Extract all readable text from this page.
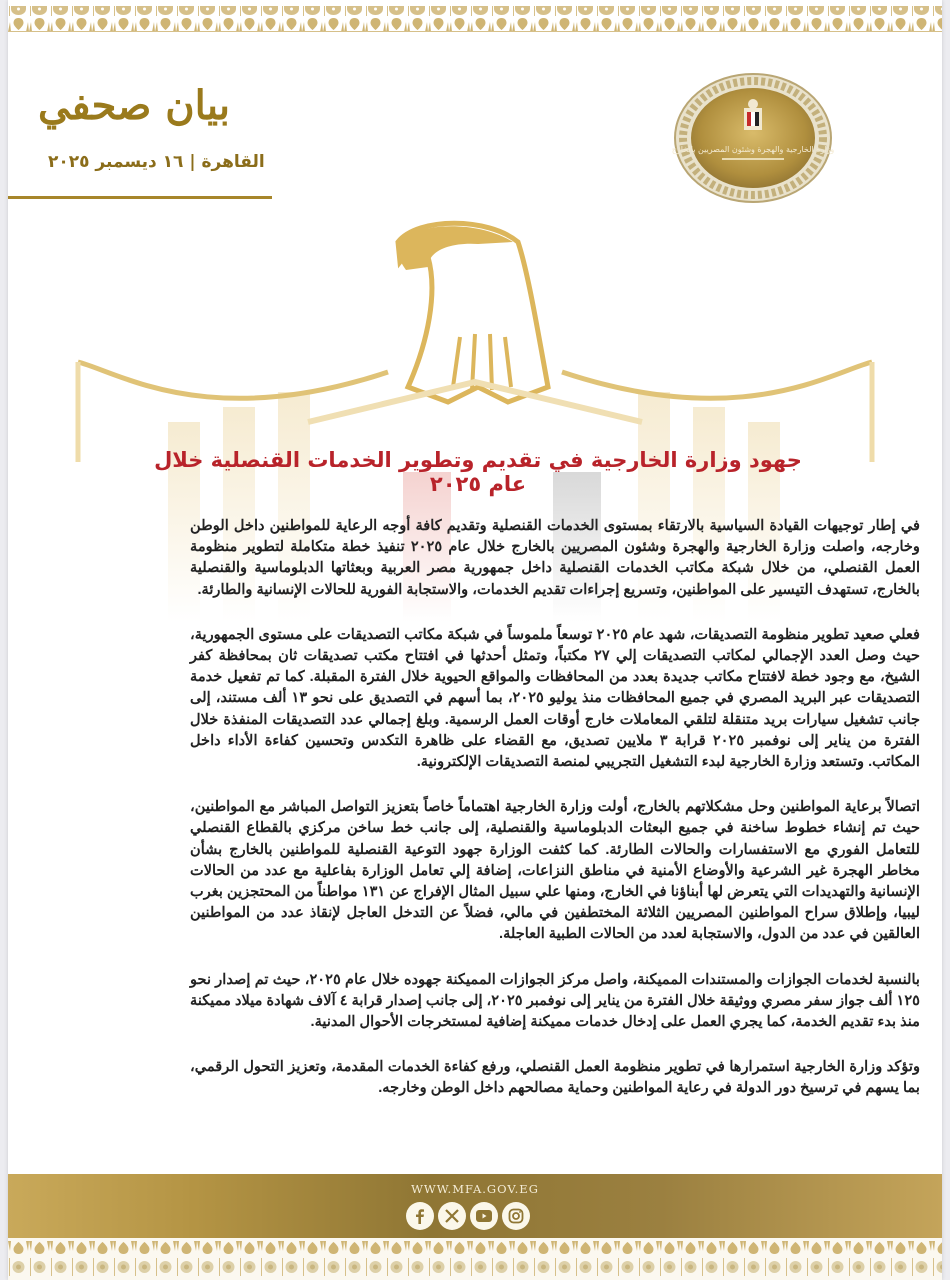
بيان صحفي
القاهرة | ١٦ ديسمبر ٢٠٢٥
وزارة الخارجية والهجرة وشئون المصريين بالخارج
جهود وزارة الخارجية في تقديم وتطوير الخدمات القنصلية خلال عام ٢٠٢٥

في إطار توجيهات القيادة السياسية بالارتقاء بمستوى الخدمات القنصلية وتقديم كافة أوجه الرعاية للمواطنين داخل الوطن وخارجه، واصلت وزارة الخارجية والهجرة وشئون المصريين بالخارج خلال عام ٢٠٢٥ تنفيذ خطة متكاملة لتطوير منظومة العمل القنصلي، من خلال شبكة مكاتب الخدمات القنصلية داخل جمهورية مصر العربية وبعثاتها الدبلوماسية والقنصلية بالخارج، تستهدف التيسير على المواطنين، وتسريع إجراءات تقديم الخدمات، والاستجابة الفورية للحالات الإنسانية والطارئة.

فعلي صعيد تطوير منظومة التصديقات، شهد عام ٢٠٢٥ توسعاً ملموساً في شبكة مكاتب التصديقات على مستوى الجمهورية، حيث وصل العدد الإجمالي لمكاتب التصديقات إلي ٢٧ مكتباً، وتمثل أحدثها في افتتاح مكتب تصديقات ثان بمحافظة كفر الشيخ، مع وجود خطة لافتتاح مكاتب جديدة بعدد من المحافظات والمواقع الحيوية خلال الفترة المقبلة. كما تم تفعيل خدمة التصديقات عبر البريد المصري في جميع المحافظات منذ يوليو ٢٠٢٥، بما أسهم في التصديق على نحو ١٣ ألف مستند، إلى جانب تشغيل سيارات بريد متنقلة لتلقي المعاملات خارج أوقات العمل الرسمية. وبلغ إجمالي عدد التصديقات المنفذة خلال الفترة من يناير إلى نوفمبر ٢٠٢٥ قرابة ٣ ملايين تصديق، مع القضاء على ظاهرة التكدس وتحسين كفاءة الأداء داخل المكاتب. وتستعد وزارة الخارجية لبدء التشغيل التجريبي لمنصة التصديقات الإلكترونية.

اتصالاً برعاية المواطنين وحل مشكلاتهم بالخارج، أولت وزارة الخارجية اهتماماً خاصاً بتعزيز التواصل المباشر مع المواطنين، حيث تم إنشاء خطوط ساخنة في جميع البعثات الدبلوماسية والقنصلية، إلى جانب خط ساخن مركزي بالقطاع القنصلي للتعامل الفوري مع الاستفسارات والحالات الطارئة. كما كثفت الوزارة جهود التوعية القنصلية للمواطنين بالخارج بشأن مخاطر الهجرة غير الشرعية والأوضاع الأمنية في مناطق النزاعات، إضافة إلي تعامل الوزارة بفاعلية مع عدد من الحالات الإنسانية والتهديدات التي يتعرض لها أبناؤنا في الخارج، ومنها علي سبيل المثال الإفراج عن ١٣١ مواطناً من المحتجزين بغرب ليبيا، وإطلاق سراح المواطنين المصريين الثلاثة المختطفين في مالي، فضلاً عن التدخل العاجل لإنقاذ عدد من المواطنين العالقين في عدد من الدول، والاستجابة لعدد من الحالات الطبية العاجلة.

بالنسبة لخدمات الجوازات والمستندات المميكنة، واصل مركز الجوازات المميكنة جهوده خلال عام ٢٠٢٥، حيث تم إصدار نحو ١٢٥ ألف جواز سفر مصري ووثيقة خلال الفترة من يناير إلى نوفمبر ٢٠٢٥، إلى جانب إصدار قرابة ٤ آلاف شهادة ميلاد مميكنة منذ بدء تقديم الخدمة، كما يجري العمل على إدخال خدمات مميكنة إضافية لمستخرجات الأحوال المدنية.

وتؤكد وزارة الخارجية استمرارها في تطوير منظومة العمل القنصلي، ورفع كفاءة الخدمات المقدمة، وتعزيز التحول الرقمي، بما يسهم في ترسيخ دور الدولة في رعاية المواطنين وحماية مصالحهم داخل الوطن وخارجه.

WWW.MFA.GOV.EG
